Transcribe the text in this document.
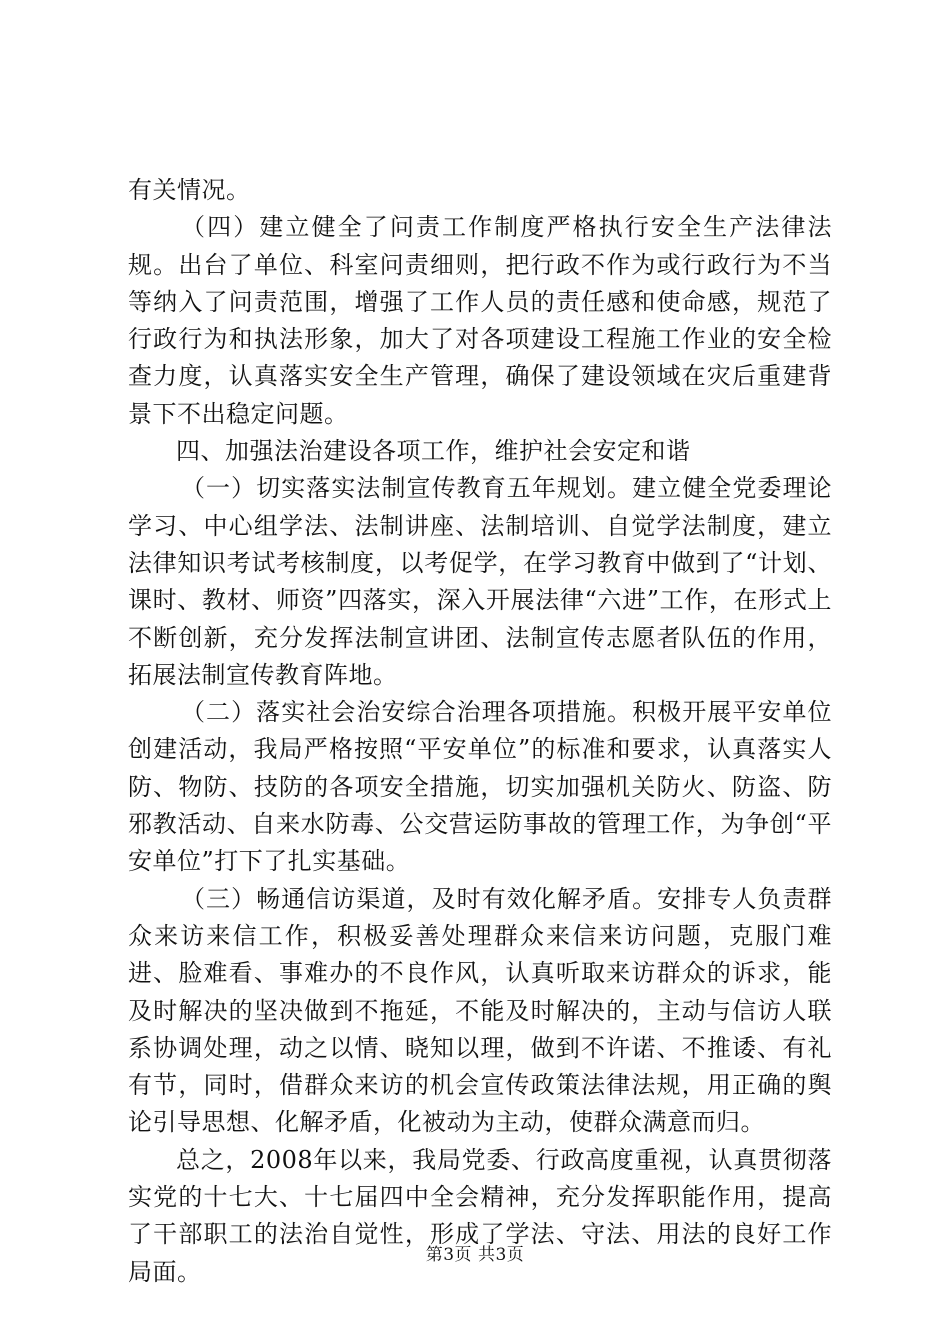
有关情况。

（四）建立健全了问责工作制度严格执行安全生产法律法规。出台了单位、科室问责细则，把行政不作为或行政行为不当等纳入了问责范围，增强了工作人员的责任感和使命感，规范了行政行为和执法形象，加大了对各项建设工程施工作业的安全检查力度，认真落实安全生产管理，确保了建设领域在灾后重建背景下不出稳定问题。

四、加强法治建设各项工作，维护社会安定和谐

（一）切实落实法制宣传教育五年规划。建立健全党委理论学习、中心组学法、法制讲座、法制培训、自觉学法制度，建立法律知识考试考核制度，以考促学，在学习教育中做到了“计划、课时、教材、师资”四落实，深入开展法律“六进”工作，在形式上不断创新，充分发挥法制宣讲团、法制宣传志愿者队伍的作用，拓展法制宣传教育阵地。

（二）落实社会治安综合治理各项措施。积极开展平安单位创建活动，我局严格按照“平安单位”的标准和要求，认真落实人防、物防、技防的各项安全措施，切实加强机关防火、防盗、防邪教活动、自来水防毒、公交营运防事故的管理工作，为争创“平安单位”打下了扎实基础。

（三）畅通信访渠道，及时有效化解矛盾。安排专人负责群众来访来信工作，积极妥善处理群众来信来访问题，克服门难进、脸难看、事难办的不良作风，认真听取来访群众的诉求，能及时解决的坚决做到不拖延，不能及时解决的，主动与信访人联系协调处理，动之以情、晓知以理，做到不许诺、不推诿、有礼有节，同时，借群众来访的机会宣传政策法律法规，用正确的舆论引导思想、化解矛盾，化被动为主动，使群众满意而归。

总之，2008年以来，我局党委、行政高度重视，认真贯彻落实党的十七大、十七届四中全会精神，充分发挥职能作用，提高了干部职工的法治自觉性，形成了学法、守法、用法的良好工作局面。

第3页 共3页
